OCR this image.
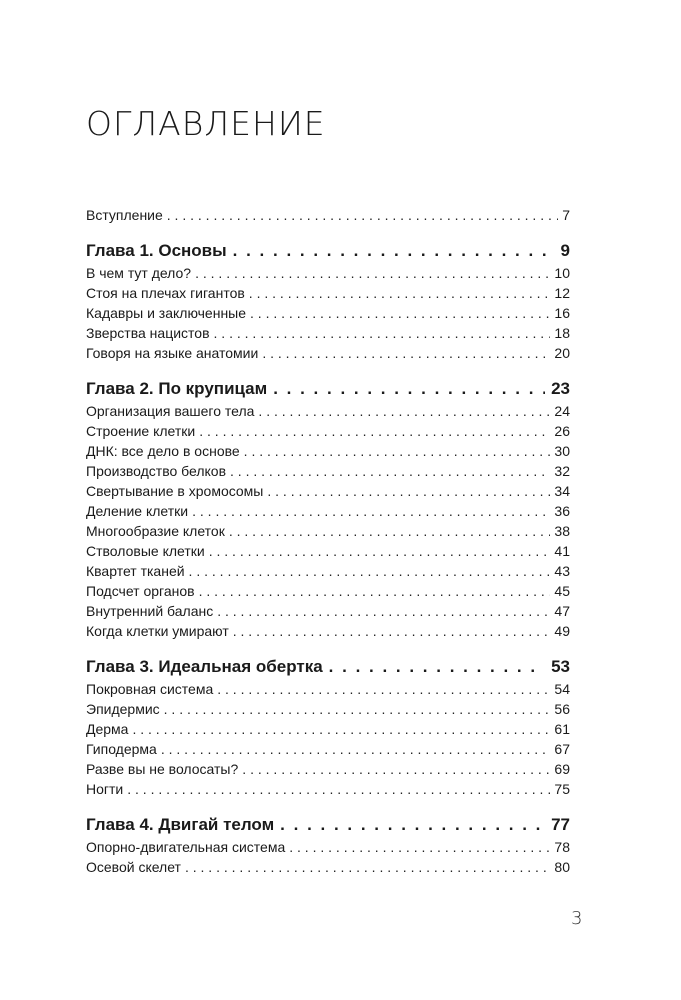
ОГЛАВЛЕНИЕ
Вступление . . .	7
Глава 1. Основы . . .	9
В чем тут дело? . . .	10
Стоя на плечах гигантов . . .	12
Кадавры и заключенные . . .	16
Зверства нацистов . . .	18
Говоря на языке анатомии . . .	20
Глава 2. По крупицам . . .	23
Организация вашего тела . . .	24
Строение клетки . . .	26
ДНК: все дело в основе . . .	30
Производство белков . . .	32
Свертывание в хромосомы . . .	34
Деление клетки . . .	36
Многообразие клеток . . .	38
Стволовые клетки . . .	41
Квартет тканей . . .	43
Подсчет органов . . .	45
Внутренний баланс . . .	47
Когда клетки умирают . . .	49
Глава 3. Идеальная обертка . . .	53
Покровная система . . .	54
Эпидермис . . .	56
Дерма . . .	61
Гиподерма . . .	67
Разве вы не волосаты? . . .	69
Ногти . . .	75
Глава 4. Двигай телом . . .	77
Опорно-двигательная система . . .	78
Осевой скелет . . .	80
3
